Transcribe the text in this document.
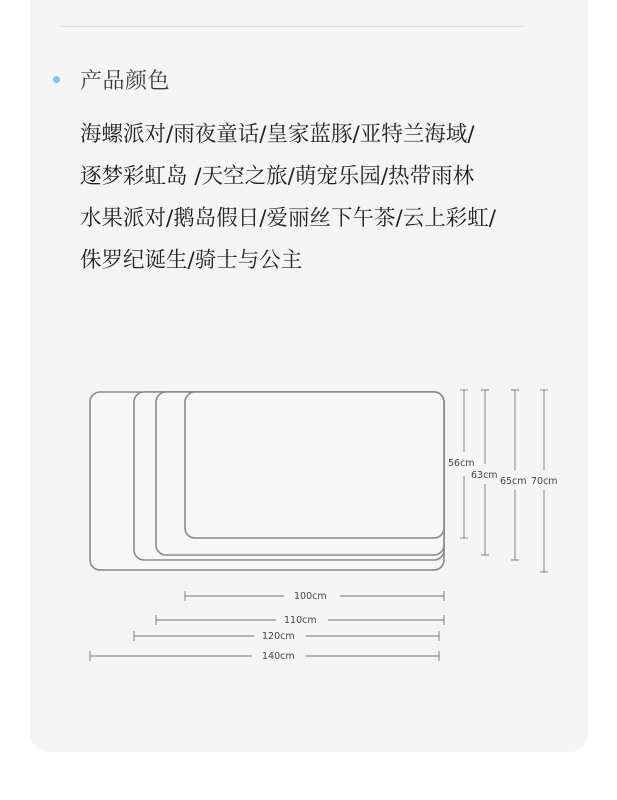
产品颜色

海螺派对/雨夜童话/皇家蓝豚/亚特兰海域/
逐梦彩虹岛 /天空之旅/萌宠乐园/热带雨林
水果派对/鹅岛假日/爱丽丝下午茶/云上彩虹/
侏罗纪诞生/骑士与公主

56cm
63cm
65cm 70cm
100cm
110cm
120cm
140cm
